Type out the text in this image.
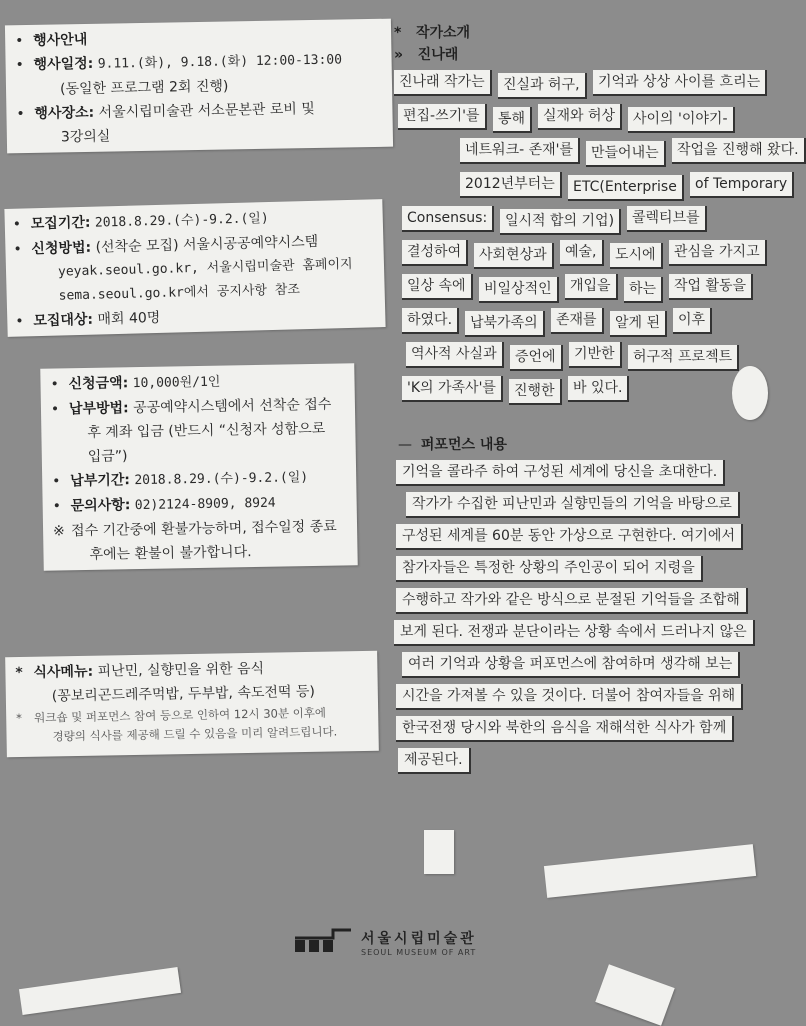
• 행사안내
• 행사일정: 9.11.(화), 9.18.(화) 12:00-13:00
(동일한 프로그램 2회 진행)
• 행사장소: 서울시립미술관 서소문본관 로비 및
3강의실
• 모집기간: 2018.8.29.(수)-9.2.(일)
• 신청방법: (선착순 모집) 서울시공공예약시스템
yeyak.seoul.go.kr, 서울시립미술관 홈페이지
sema.seoul.go.kr에서 공지사항 참조
• 모집대상: 매회 40명
• 신청금액: 10,000원/1인
• 납부방법: 공공예약시스템에서 선착순 접수
후 계좌 입금 (반드시 “신청자 성함으로
입금”)
• 납부기간: 2018.8.29.(수)-9.2.(일)
• 문의사항: 02)2124-8909, 8924
※ 접수 기간중에 환불가능하며, 접수일정 종료
후에는 환불이 불가합니다.
* 식사메뉴: 피난민, 실향민을 위한 음식
(꽁보리곤드레주먹밥, 두부밥, 속도전떡 등)
* 워크숍 및 퍼포먼스 참여 등으로 인하여 12시 30분 이후에
경량의 식사를 제공해 드릴 수 있음을 미리 알려드립니다.
*   작가소개
»   진나래
진나래 작가는	진실과 허구,	기억과 상상 사이를 흐리는
편집-쓰기'를	통해	실재와 허상	사이의 '이야기-
네트워크- 존재'를	만들어내는	작업을 진행해 왔다.
2012년부터는	ETC(Enterprise	of Temporary
Consensus:	일시적 합의 기업)	콜렉티브를
결성하여	사회현상과	예술,	도시에	관심을 가지고
일상 속에	비일상적인	개입을	하는	작업 활동을
하였다.	납북가족의	존재를	알게 된	이후
역사적 사실과	증언에	기반한	허구적 프로젝트
'K의 가족사'를	진행한	바 있다.
—  퍼포먼스 내용
기억을 콜라주 하여 구성된 세계에 당신을 초대한다.
작가가 수집한 피난민과 실향민들의 기억을 바탕으로
구성된 세계를 60분 동안 가상으로 구현한다. 여기에서
참가자들은 특정한 상황의 주인공이 되어 지령을
수행하고 작가와 같은 방식으로 분절된 기억들을 조합해
보게 된다. 전쟁과 분단이라는 상황 속에서 드러나지 않은
여러 기억과 상황을 퍼포먼스에 참여하며 생각해 보는
시간을 가져볼 수 있을 것이다. 더불어 참여자들을 위해
한국전쟁 당시와 북한의 음식을 재해석한 식사가 함께
제공된다.
서울시립미술관
SEOUL MUSEUM OF ART
